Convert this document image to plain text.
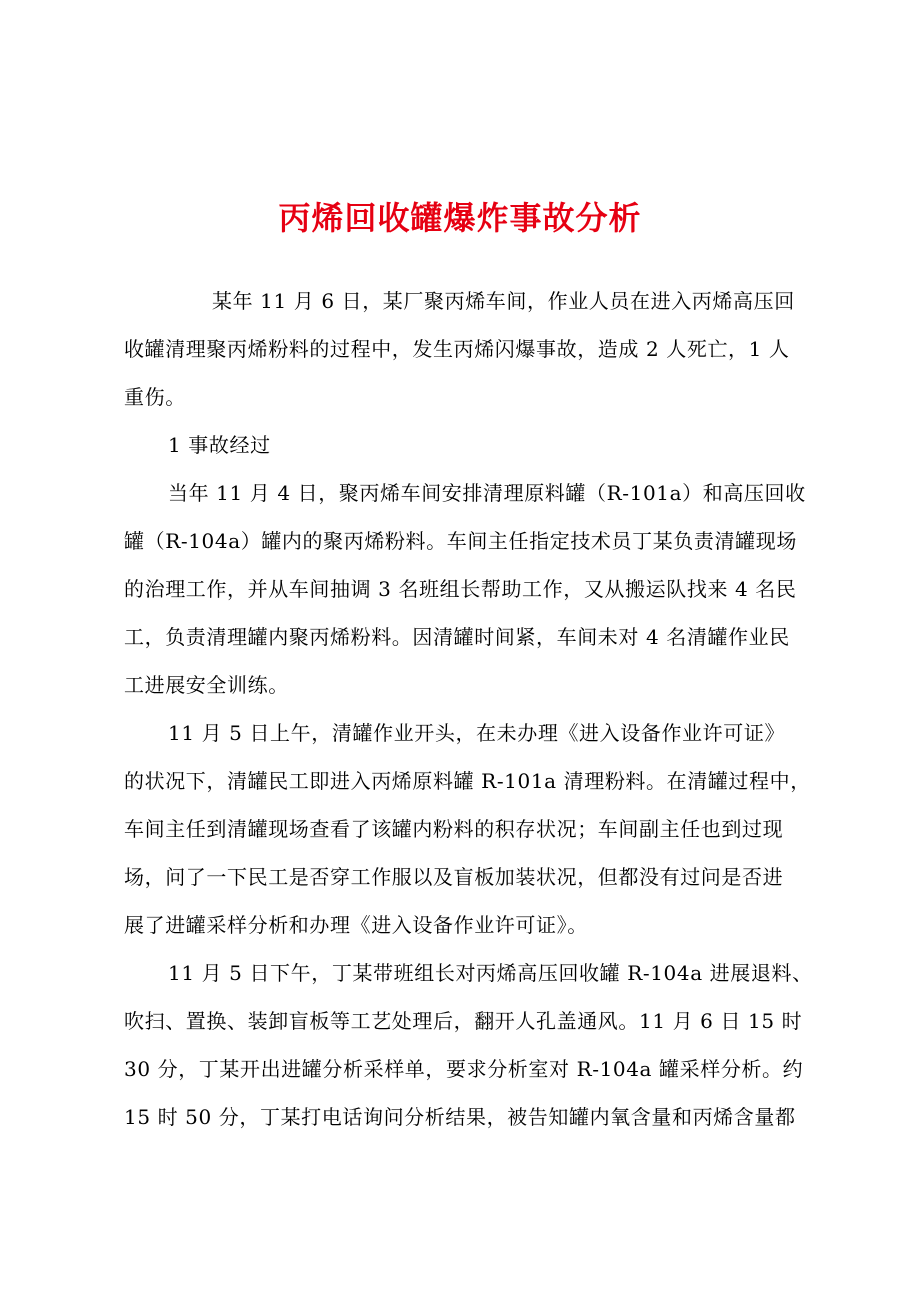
丙烯回收罐爆炸事故分析
某年 11 月 6 日，某厂聚丙烯车间，作业人员在进入丙烯高压回
收罐清理聚丙烯粉料的过程中，发生丙烯闪爆事故，造成 2 人死亡，1 人
重伤。
1 事故经过
当年 11 月 4 日，聚丙烯车间安排清理原料罐（R-101a）和高压回收
罐（R-104a）罐内的聚丙烯粉料。车间主任指定技术员丁某负责清罐现场
的治理工作，并从车间抽调 3 名班组长帮助工作，又从搬运队找来 4 名民
工，负责清理罐内聚丙烯粉料。因清罐时间紧，车间未对 4 名清罐作业民
工进展安全训练。
11 月 5 日上午，清罐作业开头，在未办理《进入设备作业许可证》
的状况下，清罐民工即进入丙烯原料罐 R-101a 清理粉料。在清罐过程中，
车间主任到清罐现场查看了该罐内粉料的积存状况；车间副主任也到过现
场，问了一下民工是否穿工作服以及盲板加装状况，但都没有过问是否进
展了进罐采样分析和办理《进入设备作业许可证》。
11 月 5 日下午，丁某带班组长对丙烯高压回收罐 R-104a 进展退料、
吹扫、置换、装卸盲板等工艺处理后，翻开人孔盖通风。11 月 6 日 15 时
30 分，丁某开出进罐分析采样单，要求分析室对 R-104a 罐采样分析。约
15 时 50 分，丁某打电话询问分析结果，被告知罐内氧含量和丙烯含量都
